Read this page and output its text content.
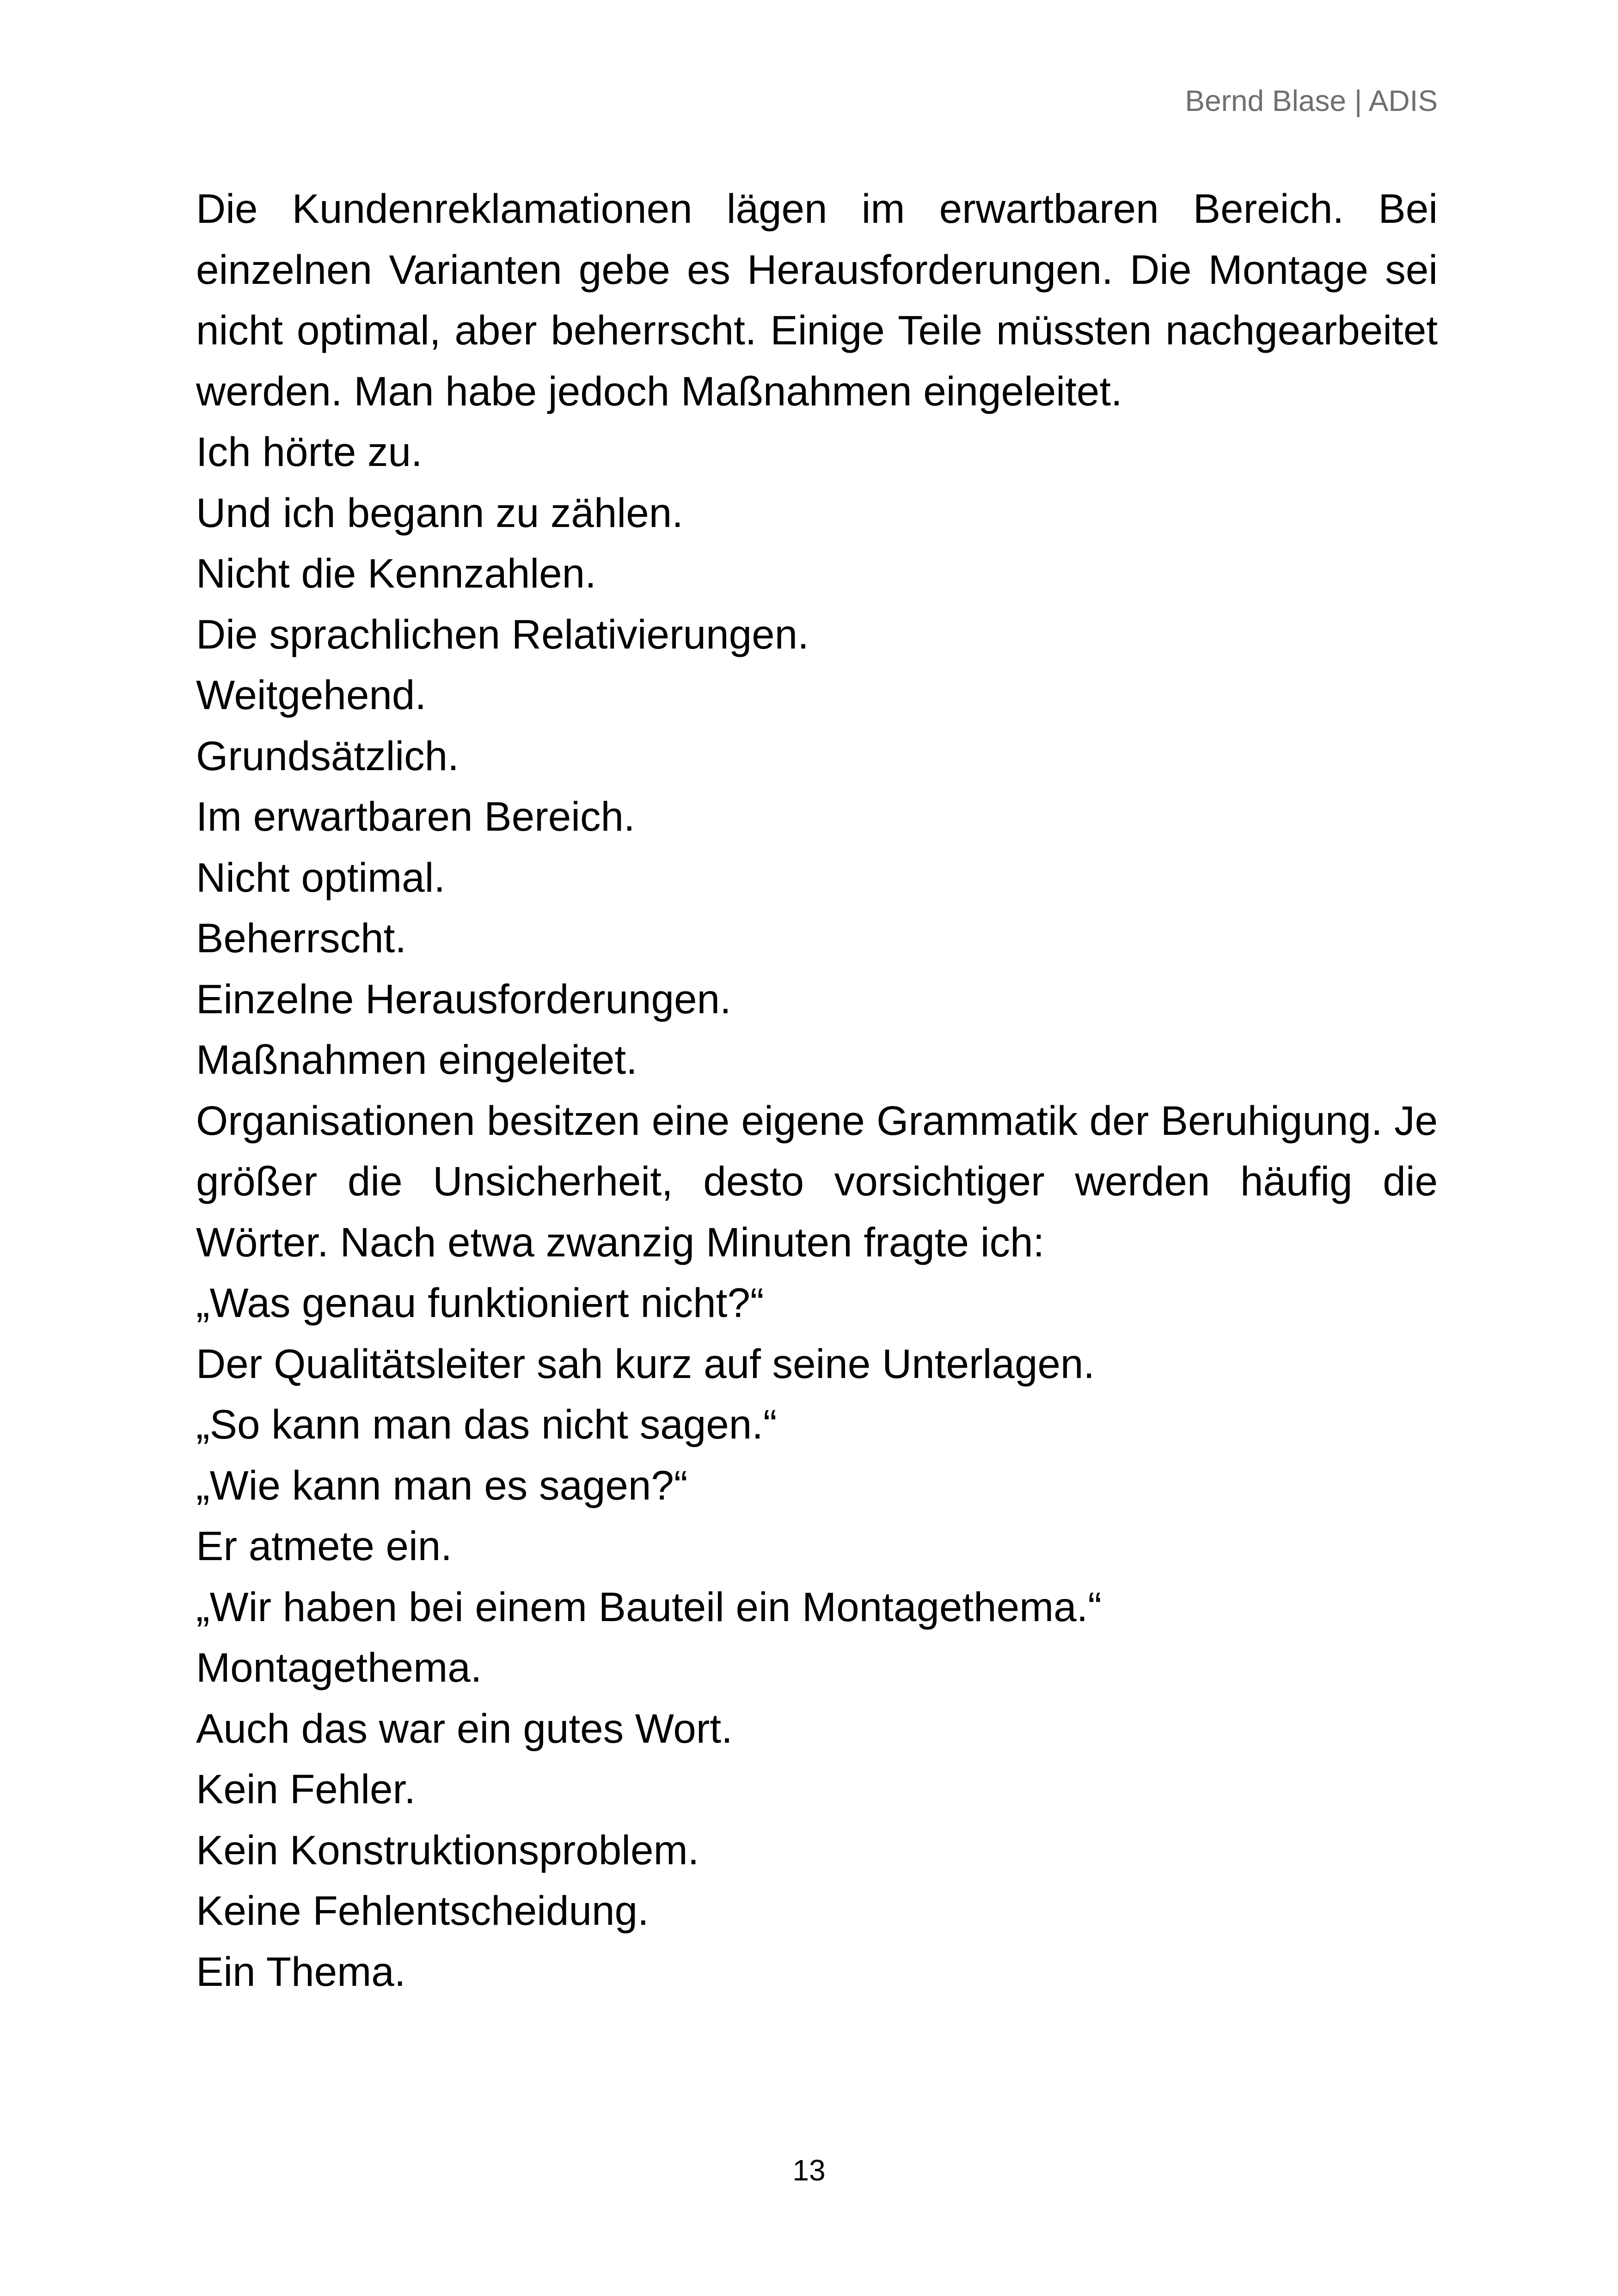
Bernd Blase | ADIS

Die Kundenreklamationen lägen im erwartbaren Bereich. Bei einzelnen Varianten gebe es Herausforderungen. Die Montage sei nicht optimal, aber beherrscht. Einige Teile müssten nachgearbeitet werden. Man habe jedoch Maßnahmen eingeleitet.

Ich hörte zu.

Und ich begann zu zählen.

Nicht die Kennzahlen.

Die sprachlichen Relativierungen.

Weitgehend.

Grundsätzlich.

Im erwartbaren Bereich.

Nicht optimal.

Beherrscht.

Einzelne Herausforderungen.

Maßnahmen eingeleitet.

Organisationen besitzen eine eigene Grammatik der Beruhigung. Je größer die Unsicherheit, desto vorsichtiger werden häufig die Wörter. Nach etwa zwanzig Minuten fragte ich:

„Was genau funktioniert nicht?“

Der Qualitätsleiter sah kurz auf seine Unterlagen.

„So kann man das nicht sagen.“

„Wie kann man es sagen?“

Er atmete ein.

„Wir haben bei einem Bauteil ein Montagethema.“

Montagethema.

Auch das war ein gutes Wort.

Kein Fehler.

Kein Konstruktionsproblem.

Keine Fehlentscheidung.

Ein Thema.

13
